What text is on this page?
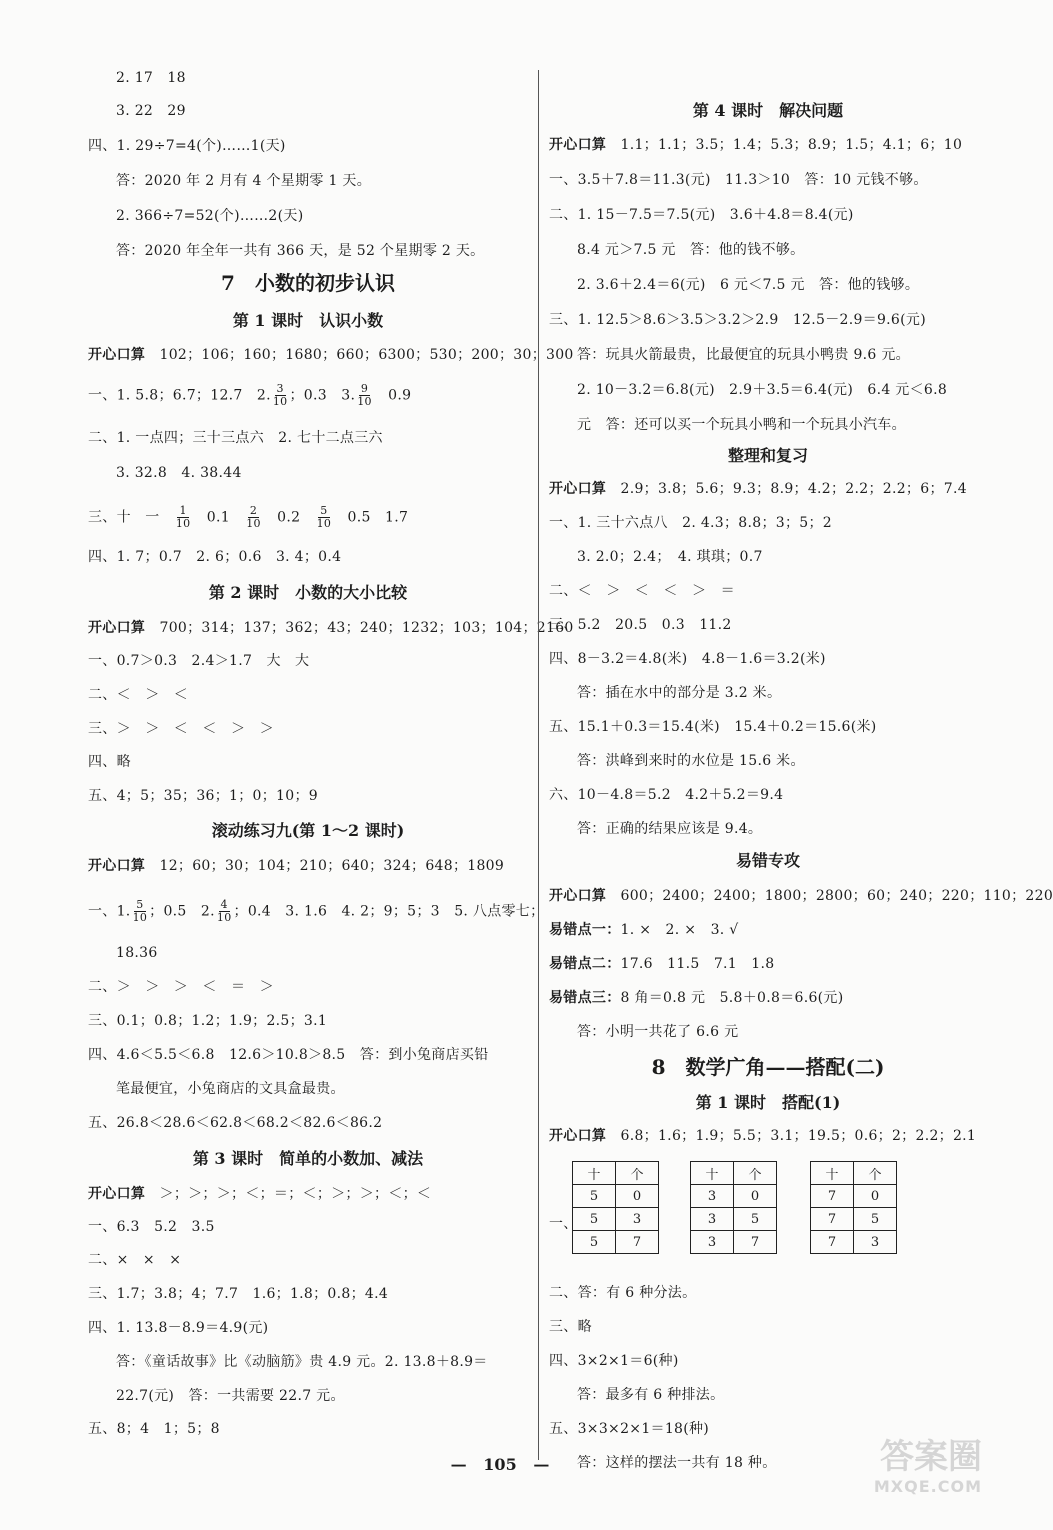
2. 17　18
3. 22　29
四、1. 29÷7=4(个)……1(天)
答：2020 年 2 月有 4 个星期零 1 天。
2. 366÷7=52(个)……2(天)
答：2020 年全年一共有 366 天，是 52 个星期零 2 天。
7　小数的初步认识
第 1 课时　认识小数
开心口算　 102；106；160；1680；660；6300；530；200；30；300
一、1. 5.8；6.7；12.7　2. $\frac{3}{10}$ ；0.3　3. $\frac{9}{10}$ 　0.9
二、1. 一点四；三十三点六　2. 七十二点三六
3. 32.8　4. 38.44
三、十　一　 $\frac{1}{10}$
　 0.1　 $\frac{2}{10}$
　 0.2　 $\frac{5}{10}$
　 0.5　1.7
四、1. 7；0.7　2. 6；0.6　3. 4；0.4
第 2 课时　小数的大小比较
开心口算　 700；314；137；362；43；240；1232；103；104；2160
一、0.7＞0.3　2.4＞1.7　大　大
二、＜　＞　＜
三、＞　＞　＜　＜　＞　＞
四、略
五、4；5；35；36；1；0；10；9
滚动练习九(第 1～2 课时)
开心口算　 12；60；30；104；210；640；324；648；1809
一、1. $\frac{5}{10}$ ；0.5　2. $\frac{4}{10}$ ；0.4　3. 1.6　4. 2；9；5；3　5. 八点零七；
18.36
二、＞　＞　＞　＜　＝　＞
三、0.1；0.8；1.2；1.9；2.5；3.1
四、4.6＜5.5＜6.8　12.6＞10.8＞8.5　答：到小兔商店买铅
笔最便宜，小兔商店的文具盒最贵。
五、26.8＜28.6＜62.8＜68.2＜82.6＜86.2
第 3 课时　简单的小数加、减法
开心口算　 ＞；＞；＞；＜；＝；＜；＞；＞；＜；＜
一、6.3　5.2　3.5
二、×　×　×
三、1.7；3.8；4；7.7　1.6；1.8；0.8；4.4
四、1. 13.8－8.9＝4.9(元)
答：《童话故事》比《动脑筋》贵 4.9 元。2. 13.8＋8.9＝
22.7(元)　答：一共需要 22.7 元。
五、8；4　1；5；8
第 4 课时　解决问题
开心口算　 1.1；1.1；3.5；1.4；5.3；8.9；1.5；4.1；6；10
一、3.5＋7.8＝11.3(元)　11.3＞10　答：10 元钱不够。
二、1. 15－7.5＝7.5(元)　3.6＋4.8＝8.4(元)
8.4 元＞7.5 元　答：他的钱不够。
2. 3.6＋2.4＝6(元)　6 元＜7.5 元　答：他的钱够。
三、1. 12.5＞8.6＞3.5＞3.2＞2.9　12.5－2.9＝9.6(元)
答：玩具火箭最贵，比最便宜的玩具小鸭贵 9.6 元。
2. 10－3.2＝6.8(元)　2.9＋3.5＝6.4(元)　6.4 元＜6.8
元　答：还可以买一个玩具小鸭和一个玩具小汽车。
整理和复习
开心口算　 2.9；3.8；5.6；9.3；8.9；4.2；2.2；2.2；6；7.4
一、1. 三十六点八　2. 4.3；8.8；3；5；2
3. 2.0；2.4；　4. 琪琪；0.7
二、＜　＞　＜　＜　＞　＝
三、5.2　20.5　0.3　11.2
四、8－3.2＝4.8(米)　4.8－1.6＝3.2(米)
答：插在水中的部分是 3.2 米。
五、15.1＋0.3＝15.4(米)　15.4＋0.2＝15.6(米)
答：洪峰到来时的水位是 15.6 米。
六、10－4.8＝5.2　4.2＋5.2＝9.4
答：正确的结果应该是 9.4。
易错专攻
开心口算　 600；2400；2400；1800；2800；60；240；220；110；220
易错点一：1. ×　2. ×　3. √
易错点二：17.6　11.5　7.1　1.8
易错点三：8 角＝0.8 元　5.8＋0.8＝6.6(元)
答：小明一共花了 6.6 元
8　数学广角——搭配(二)
第 1 课时　搭配(1)
开心口算　 6.8；1.6；1.9；5.5；3.1；19.5；0.6；2；2.2；2.1
一、
十	个
5	0
5	3
5	7
十	个
3	0
3	5
3	7
十	个
7	0
7	5
7	3
二、答：有 6 种分法。
三、略
四、3×2×1＝6(种)
答：最多有 6 种排法。
五、3×3×2×1＝18(种)
答：这样的摆法一共有 18 种。
— 105 —	答案圈
MXQE.COM
